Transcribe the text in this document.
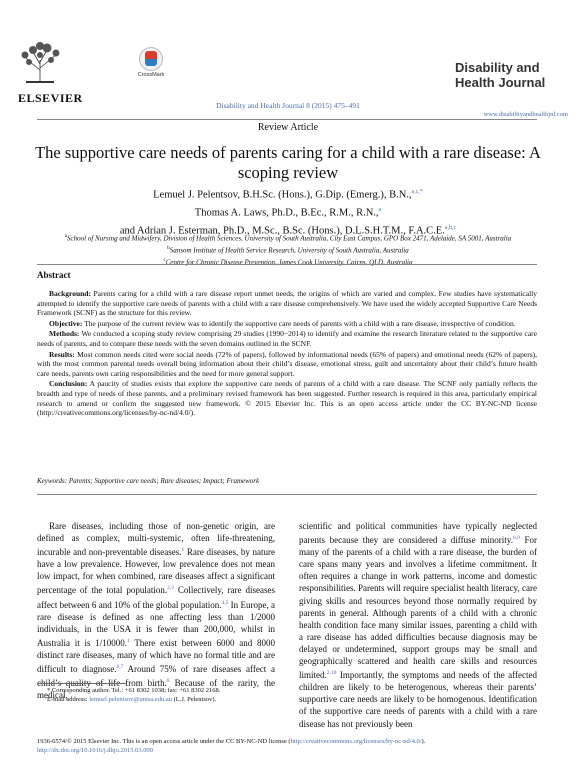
ELSEVIER
CrossMark	Disability and Health Journal
Disability and Health Journal 8 (2015) 475–491
www.disabilityandhealthjnl.com
Review Article
The supportive care needs of parents caring for a child with a rare disease: A scoping review
Lemuel J. Pelentsov, B.H.Sc. (Hons.), G.Dip. (Emerg.), B.N.,$^{a,c,*}$
Thomas A. Laws, Ph.D., B.Ec., R.M., R.N.,$^a$
and Adrian J. Esterman, Ph.D., M.Sc., B.Sc. (Hons.), D.L.S.H.T.M., F.A.C.E.$^{a,b,c}$
$^a$School of Nursing and Midwifery, Division of Health Sciences, University of South Australia, City East Campus, GPO Box 2471, Adelaide, SA 5001, Australia
$^b$Sansom Institute of Health Service Research, University of South Australia, Australia
$^c$Centre for Chronic Disease Prevention, James Cook University, Cairns, QLD, Australia
Abstract

Background: Parents caring for a child with a rare disease report unmet needs, the origins of which are varied and complex. Few studies have systematically attempted to identify the supportive care needs of parents with a child with a rare disease comprehensively. We have used the widely accepted Supportive Care Needs Framework (SCNF) as the structure for this review.

Objective: The purpose of the current review was to identify the supportive care needs of parents with a child with a rare disease, irrespective of condition.

Methods: We conducted a scoping study review comprising 29 studies (1990−2014) to identify and examine the research literature related to the supportive care needs of parents, and to compare these needs with the seven domains outlined in the SCNF.

Results: Most common needs cited were social needs (72% of papers), followed by informational needs (65% of papers) and emotional needs (62% of papers), with the most common parental needs overall being information about their child’s disease, emotional stress, guilt and uncertainty about their child’s future health care needs, parents own caring responsibilities and the need for more general support.

Conclusion: A paucity of studies exists that explore the supportive care needs of parents of a child with a rare disease. The SCNF only partially reflects the breadth and type of needs of these parents, and a preliminary revised framework has been suggested. Further research is required in this area, particularly empirical research to amend or confirm the suggested new framework. © 2015 Elsevier Inc. This is an open access article under the CC BY-NC-ND license (http://creativecommons.org/licenses/by-nc-nd/4.0/).

Keywords: Parents; Supportive care needs; Rare diseases; Impact; Framework

Rare diseases, including those of non-genetic origin, are defined as complex, multi-systemic, often life-threatening, incurable and non-preventable diseases.$^1$ Rare diseases, by nature have a low prevalence. However, low prevalence does not mean low impact, for when combined, rare diseases affect a significant percentage of the total population.$^{2,3}$ Collectively, rare diseases affect between 6 and 10% of the global population.$^{4,5}$ In Europe, a rare disease is defined as one affecting less than 1/2000 individuals, in the USA it is fewer than 200,000, whilst in Australia it is 1/10000.$^1$ There exist between 6000 and 8000 distinct rare diseases, many of which have no formal title and are difficult to diagnose.$^{6,7}$ Around 75% of rare diseases affect a child’s quality of life from birth.$^8$ Because of the rarity, the medical,

scientific and political communities have typically neglected parents because they are considered a diffuse minority.$^{6,9}$ For many of the parents of a child with a rare disease, the burden of care spans many years and involves a lifetime commitment. It often requires a change in work patterns, income and domestic responsibilities. Parents will require specialist health literacy, care giving skills and resources beyond those normally required by parents in general. Although parents of a child with a chronic health condition face many similar issues, parenting a child with a rare disease has added difficulties because diagnosis may be delayed or undetermined, support groups may be small and geographically scattered and health care skills and resources limited.$^{2,10}$ Importantly, the symptoms and needs of the affected children are likely to be heterogenous, whereas their parents’ supportive care needs are likely to be homogenous. Identification of the supportive care needs of parents with a child with a rare disease has not previously been

* Corresponding author. Tel.: +61 8302 1038; fax: +61 8302 2168.
E-mail address: lemuel.pelentsov@unisa.edu.au (L.J. Pelentsov).
1936-6574/© 2015 Elsevier Inc. This is an open access article under the CC BY-NC-ND license (http://creativecommons.org/licenses/by-nc-nd/4.0/).
http://dx.doi.org/10.1016/j.dhjo.2015.03.009
